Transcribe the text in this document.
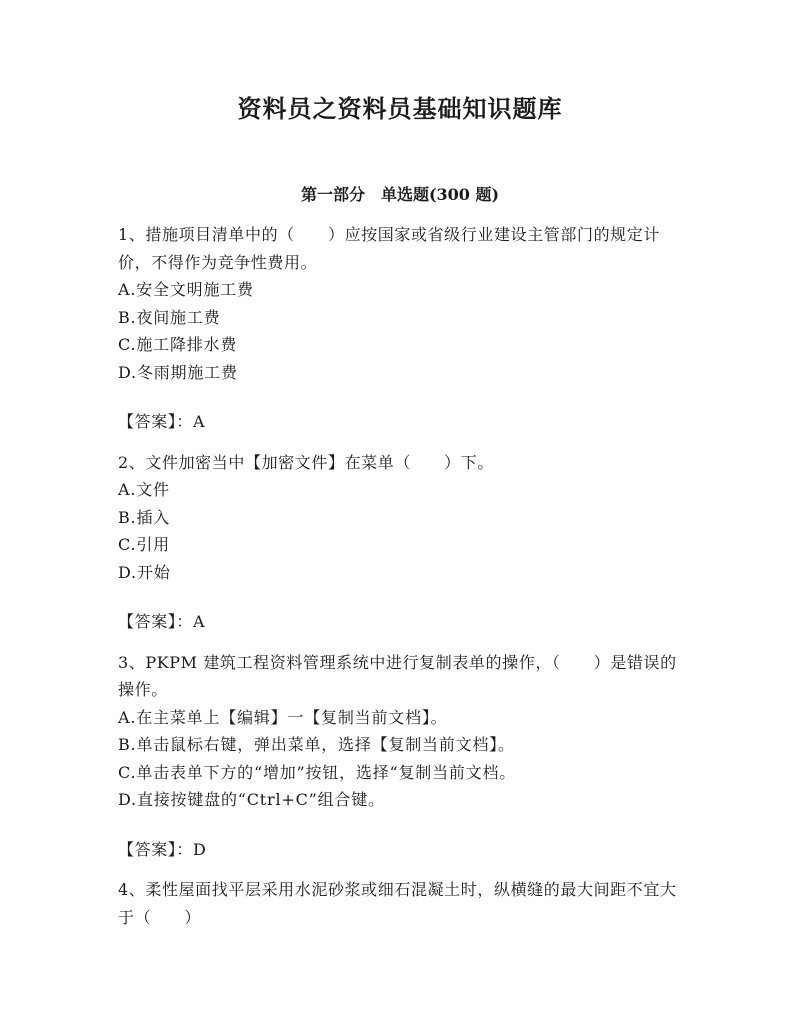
资料员之资料员基础知识题库
第一部分　单选题(300 题)

1、措施项目清单中的（　　）应按国家或省级行业建设主管部门的规定计价，不得作为竞争性费用。

A.安全文明施工费
B.夜间施工费
C.施工降排水费
D.冬雨期施工费
【答案】：A

2、文件加密当中【加密文件】在菜单（　　）下。

A.文件
B.插入
C.引用
D.开始
【答案】：A

3、PKPM 建筑工程资料管理系统中进行复制表单的操作，（　　）是错误的操作。

A.在主菜单上【编辑】一【复制当前文档】。
B.单击鼠标右键，弹出菜单，选择【复制当前文档】。
C.单击表单下方的“增加”按钮，选择“复制当前文档。
D.直接按键盘的“Ctrl+C”组合键。
【答案】：D

4、柔性屋面找平层采用水泥砂浆或细石混凝土时，纵横缝的最大间距不宜大于（　　）
